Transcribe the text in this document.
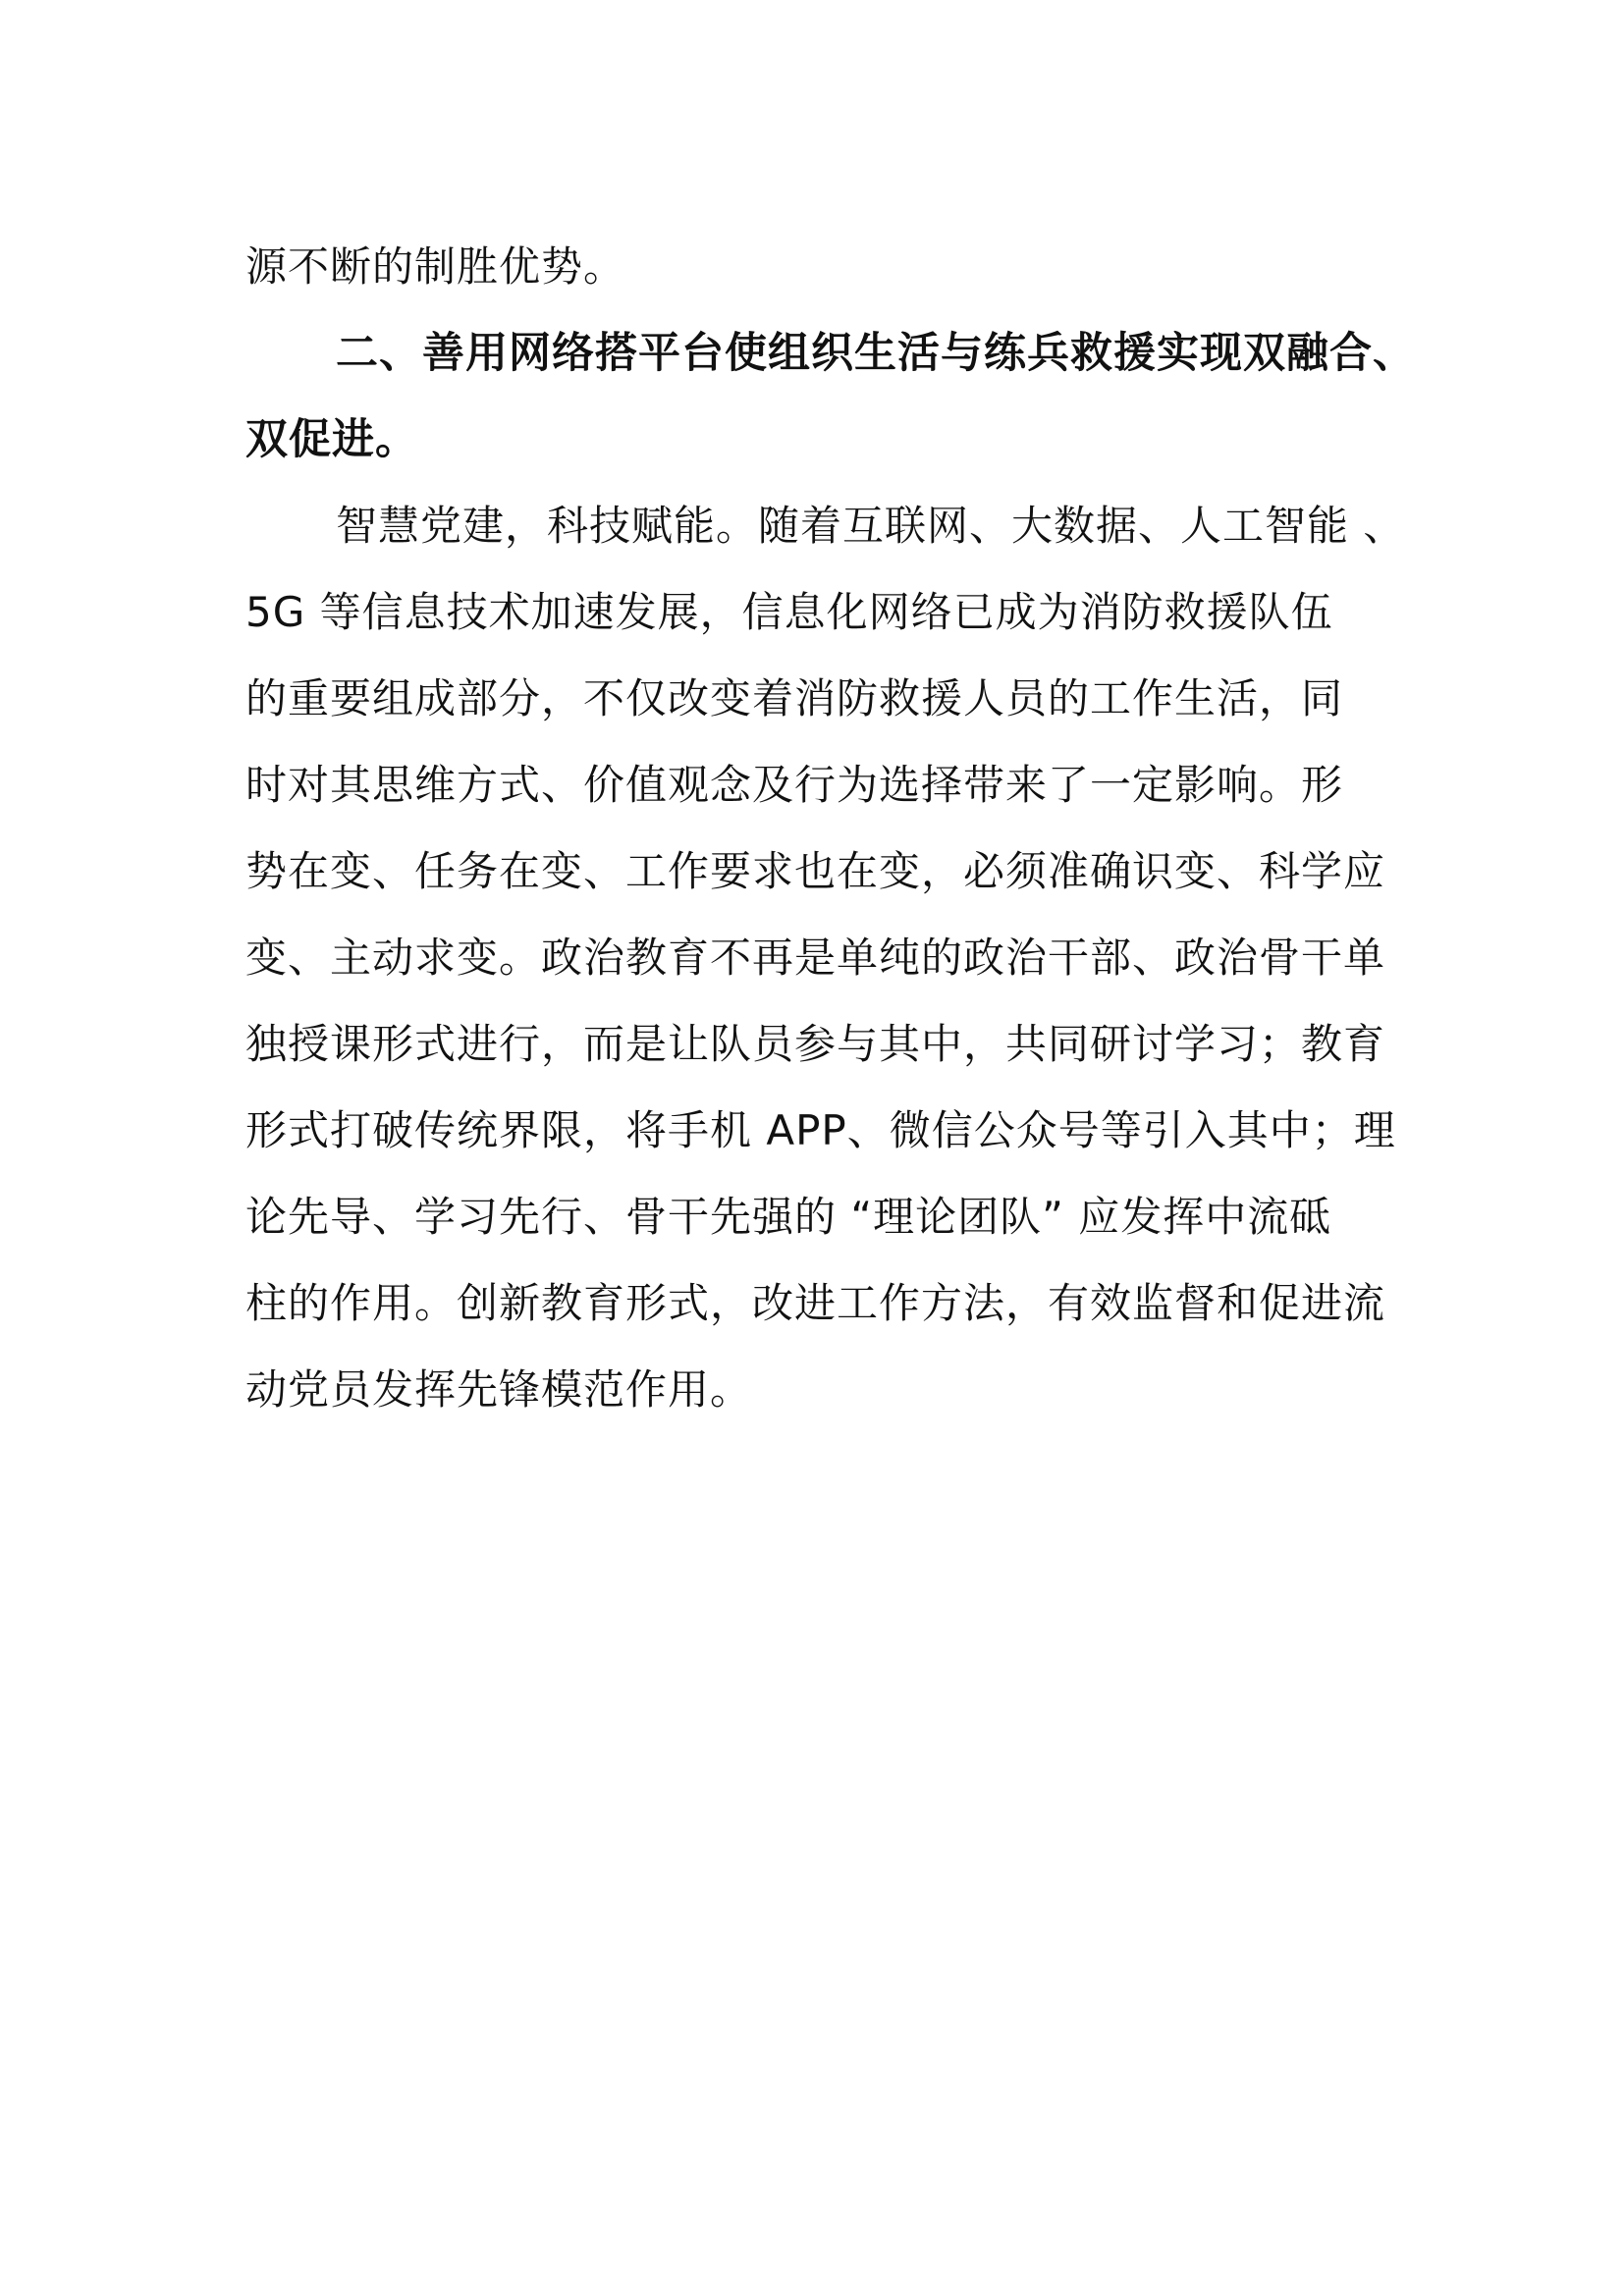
源不断的制胜优势。
二、善用网络搭平台使组织生活与练兵救援实现双融合、
双促进。
智慧党建，科技赋能。随着互联网、大数据、人工智能 、
5G 等信息技术加速发展，信息化网络已成为消防救援队伍
的重要组成部分，不仅改变着消防救援人员的工作生活，同
时对其思维方式、价值观念及行为选择带来了一定影响。形
势在变、任务在变、工作要求也在变，必须准确识变、科学应
变、主动求变。政治教育不再是单纯的政治干部、政治骨干单
独授课形式进行，而是让队员参与其中，共同研讨学习；教育
形式打破传统界限，将手机 APP、微信公众号等引入其中；理
论先导、学习先行、骨干先强的 “理论团队” 应发挥中流砥
柱的作用。创新教育形式，改进工作方法，有效监督和促进流
动党员发挥先锋模范作用。
